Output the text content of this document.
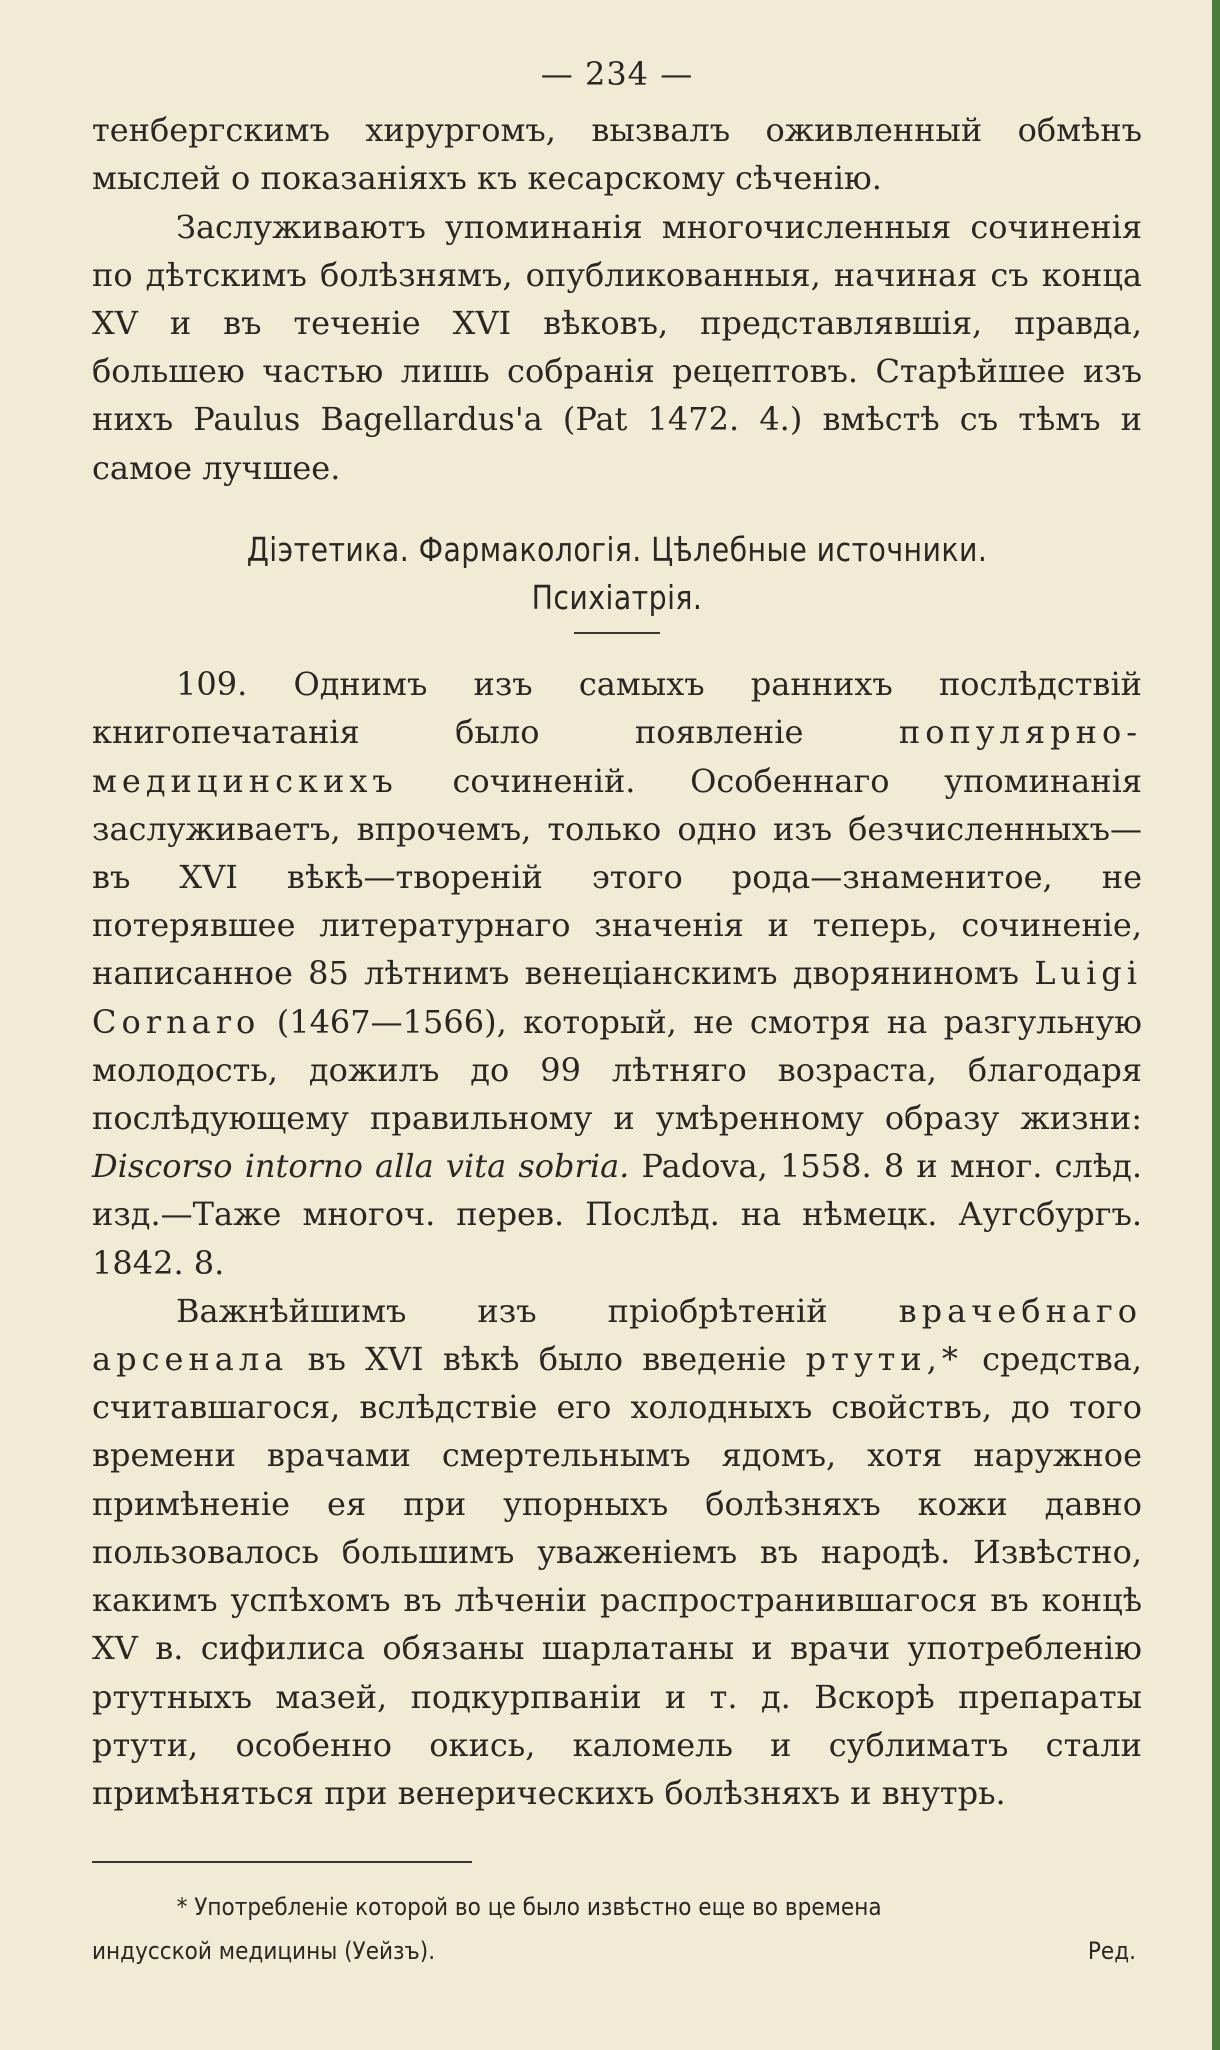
— 234 —

тенбергскимъ хирургомъ, вызвалъ оживленный обмѣнъ мыслей о показаніяхъ къ кесарскому сѣченію.

Заслуживаютъ упоминанія многочисленныя сочиненія по дѣтскимъ болѣзнямъ, опубликованныя, начиная съ конца XV и въ теченіе XVI вѣковъ, представлявшія, правда, большею частью лишь собранія рецептовъ. Старѣйшее изъ нихъ Paulus Bagellardus'a (Pat 1472. 4.) вмѣстѣ съ тѣмъ и самое лучшее.

Діэтетика. Фармакологія. Цѣлебные источники. Психіатрія.

109. Однимъ изъ самыхъ раннихъ послѣдствій книгопечатанія было появленіе	популярно-медицинскихъ сочиненій. Особеннаго упоминанія заслуживаетъ, впрочемъ, только одно изъ безчисленныхъ—въ XVI вѣкѣ—твореній этого рода—знаменитое, не потерявшее литературнаго значенія и теперь, сочиненіе, написанное 85 лѣтнимъ венеціанскимъ дворяниномъ Luigi Cornaro (1467—1566), который, не смотря на разгульную молодость, дожилъ до 99 лѣтняго возраста, благодаря послѣдующему правильному и умѣренному образу жизни: Discorso intorno alla vita sobria. Padova, 1558. 8 и мног. слѣд. изд.—Таже многоч. перев. Послѣд. на нѣмецк. Аугсбургъ. 1842. 8.

Важнѣйшимъ изъ пріобрѣтеній врачебнаго арсенала въ XVI вѣкѣ было введеніе ртути,* средства, считавшагося, вслѣдствіе его холодныхъ свойствъ, до того времени врачами смертельнымъ ядомъ, хотя наружное примѣненіе ея при упорныхъ болѣзняхъ кожи давно пользовалось большимъ уваженіемъ въ народѣ. Извѣстно, какимъ успѣхомъ въ лѣченіи распространившагося въ концѣ XV в. сифилиса обязаны шарлатаны и врачи употребленію ртутныхъ мазей, подкурпваніи и т. д. Вскорѣ препараты ртути, особенно окись, каломель и сублиматъ стали примѣняться при венерическихъ болѣзняхъ и внутрь.

* Употребленіе которой во це было извѣстно еще во времена
индусской медицины (Уейзъ).	Ред.
